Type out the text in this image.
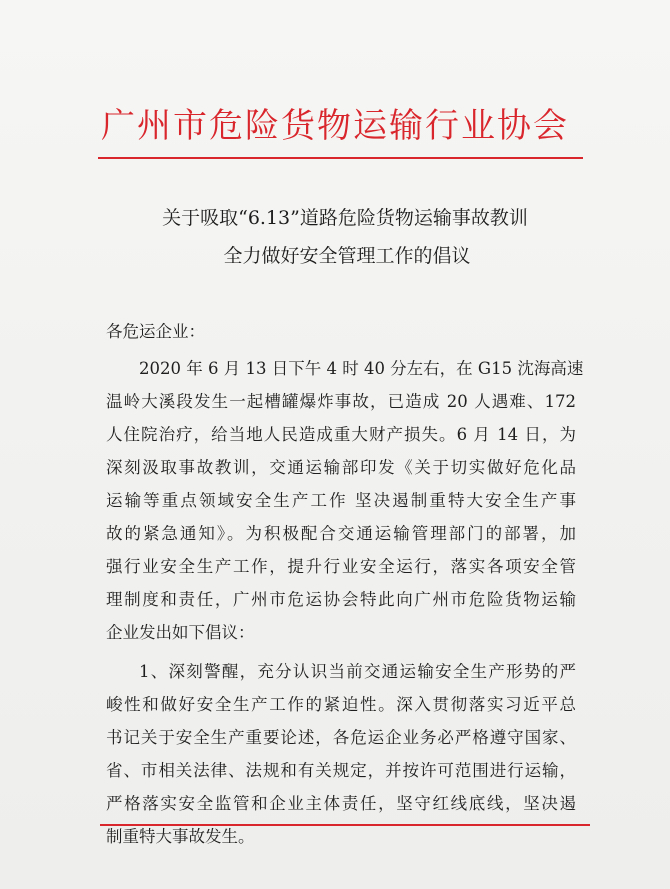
广州市危险货物运输行业协会
关于吸取“6.13”道路危险货物运输事故教训
全力做好安全管理工作的倡议
各危运企业：
2020 年 6 月 13 日下午 4 时 40 分左右，在 G15 沈海高速
温岭大溪段发生一起槽罐爆炸事故，已造成 20 人遇难、172
人住院治疗，给当地人民造成重大财产损失。6 月 14 日，为
深刻汲取事故教训，交通运输部印发《关于切实做好危化品
运输等重点领域安全生产工作 坚决遏制重特大安全生产事
故的紧急通知》。为积极配合交通运输管理部门的部署，加
强行业安全生产工作，提升行业安全运行，落实各项安全管
理制度和责任，广州市危运协会特此向广州市危险货物运输
企业发出如下倡议：
1、深刻警醒，充分认识当前交通运输安全生产形势的严
峻性和做好安全生产工作的紧迫性。深入贯彻落实习近平总
书记关于安全生产重要论述，各危运企业务必严格遵守国家、
省、市相关法律、法规和有关规定，并按许可范围进行运输，
严格落实安全监管和企业主体责任，坚守红线底线，坚决遏
制重特大事故发生。
